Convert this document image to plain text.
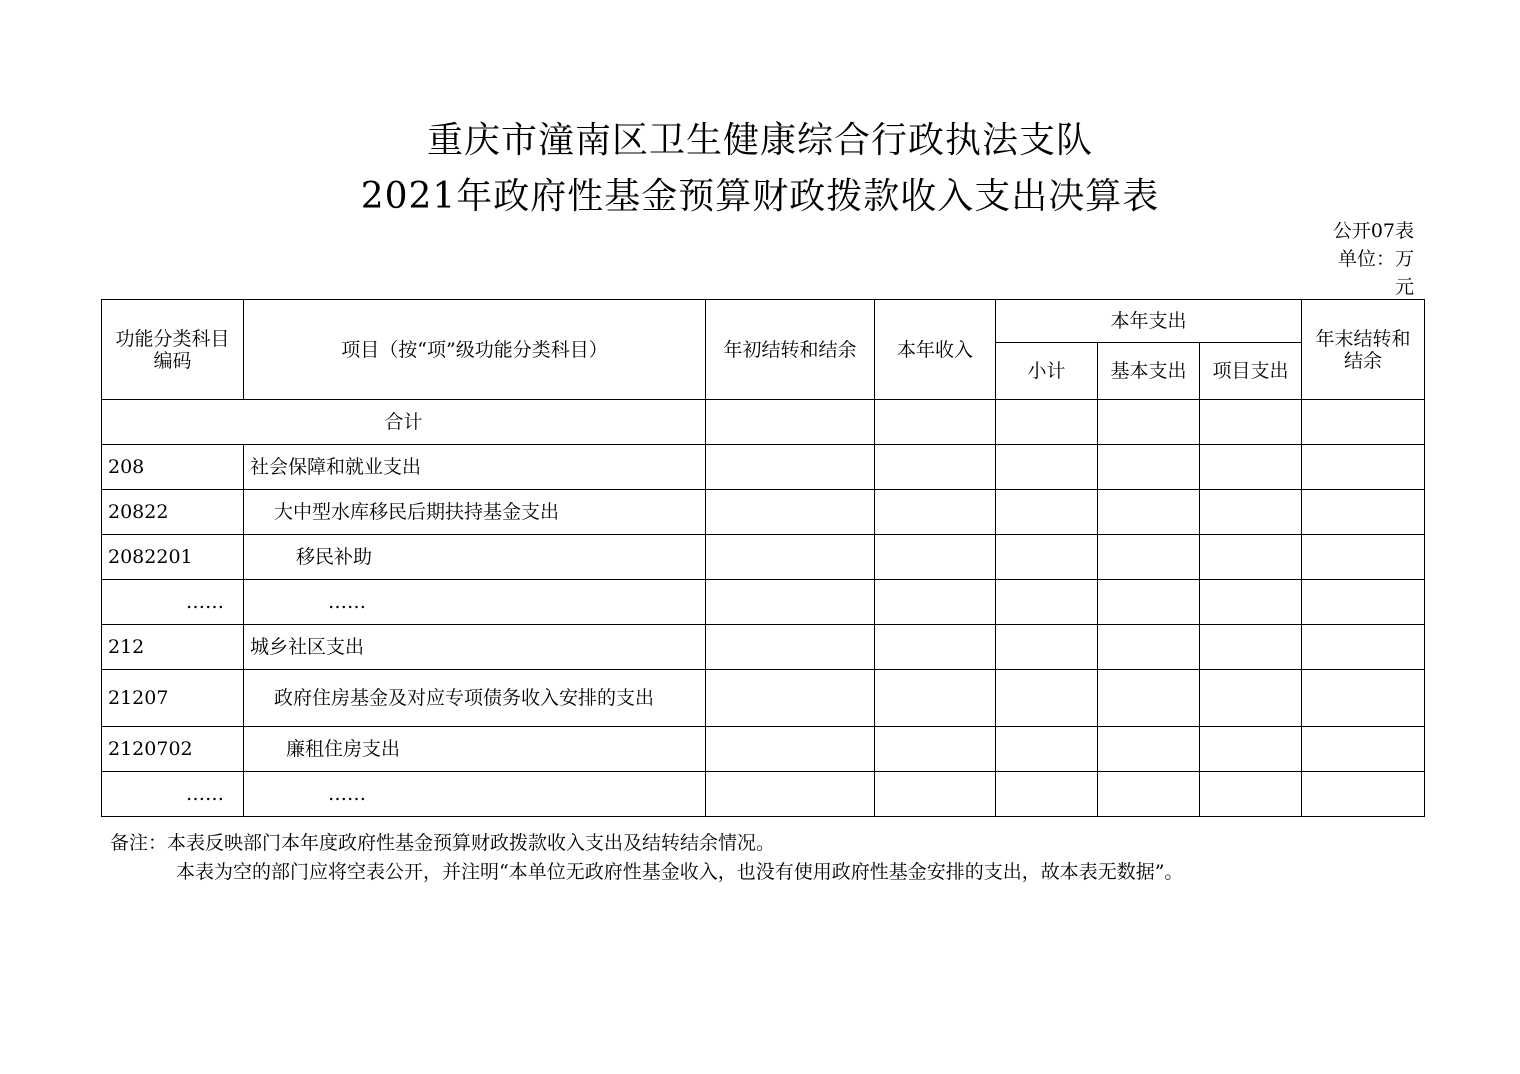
重庆市潼南区卫生健康综合行政执法支队
2021年政府性基金预算财政拨款收入支出决算表
公开07表
单位：万
元
功能分类科目编码	项目（按“项”级功能分类科目）	年初结转和结余	本年收入	本年支出			年末结转和
结余
				小计	基本支出	项目支出	
合计							
208	社会保障和就业支出						
20822	大中型水库移民后期扶持基金支出						
2082201	移民补助						
……	……						
212	城乡社区支出						
21207	政府住房基金及对应专项债务收入安排的支出						
2120702	廉租住房支出						
……	……						
备注：本表反映部门本年度政府性基金预算财政拨款收入支出及结转结余情况。
本表为空的部门应将空表公开，并注明“本单位无政府性基金收入，也没有使用政府性基金安排的支出，故本表无数据”。
